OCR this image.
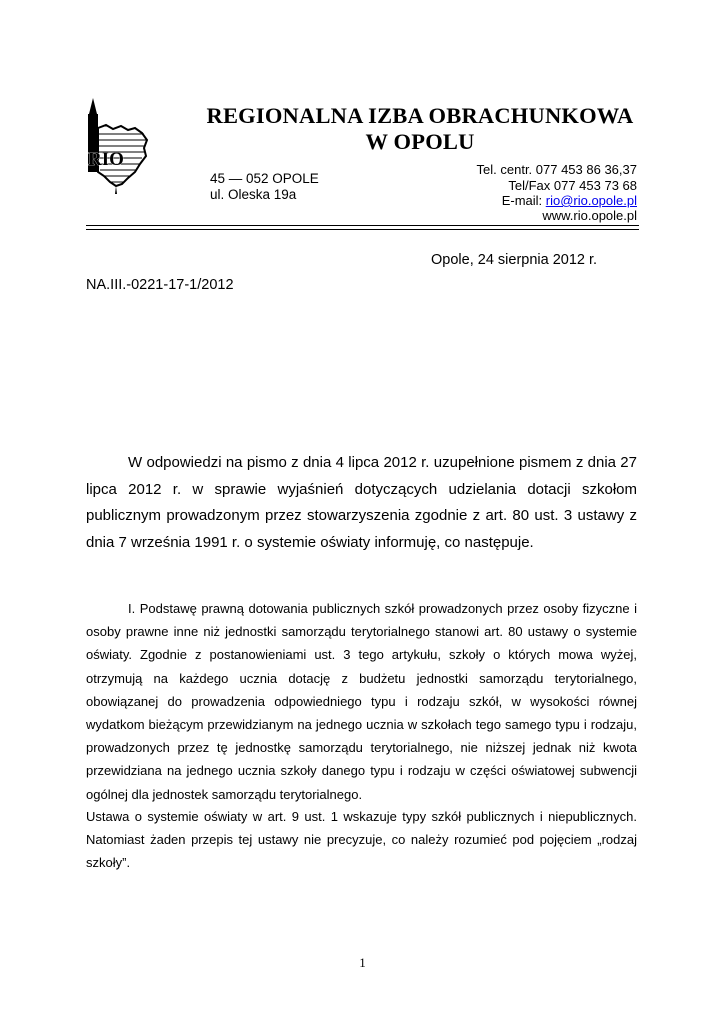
RIO
REGIONALNA IZBA OBRACHUNKOWA
W OPOLU
45 — 052 OPOLE
ul. Oleska 19a
Tel. centr. 077 453 86 36,37
Tel/Fax 077 453 73 68
E-mail: rio@rio.opole.pl
www.rio.opole.pl
Opole, 24 sierpnia 2012 r.
NA.III.-0221-17-1/2012
W odpowiedzi na pismo z dnia 4 lipca 2012 r. uzupełnione pismem z dnia 27 lipca 2012 r. w sprawie wyjaśnień dotyczących udzielania dotacji szkołom publicznym prowadzonym przez stowarzyszenia zgodnie z art. 80 ust. 3 ustawy z dnia 7 września 1991 r. o systemie oświaty informuję, co następuje.
I. Podstawę prawną dotowania publicznych szkół prowadzonych przez osoby fizyczne i osoby prawne inne niż jednostki samorządu terytorialnego stanowi art. 80 ustawy o systemie oświaty. Zgodnie z postanowieniami ust. 3 tego artykułu, szkoły o których mowa wyżej, otrzymują na każdego ucznia dotację z budżetu jednostki samorządu terytorialnego, obowiązanej do prowadzenia odpowiedniego typu i rodzaju szkół, w wysokości równej wydatkom bieżącym przewidzianym na jednego ucznia w szkołach tego samego typu i rodzaju, prowadzonych przez tę jednostkę samorządu terytorialnego, nie niższej jednak niż kwota przewidziana na jednego ucznia szkoły danego typu i rodzaju w części oświatowej subwencji ogólnej dla jednostek samorządu terytorialnego.
Ustawa o systemie oświaty w art. 9 ust. 1 wskazuje typy szkół publicznych i niepublicznych. Natomiast żaden przepis tej ustawy nie precyzuje, co należy rozumieć pod pojęciem „rodzaj szkoły”.
1
